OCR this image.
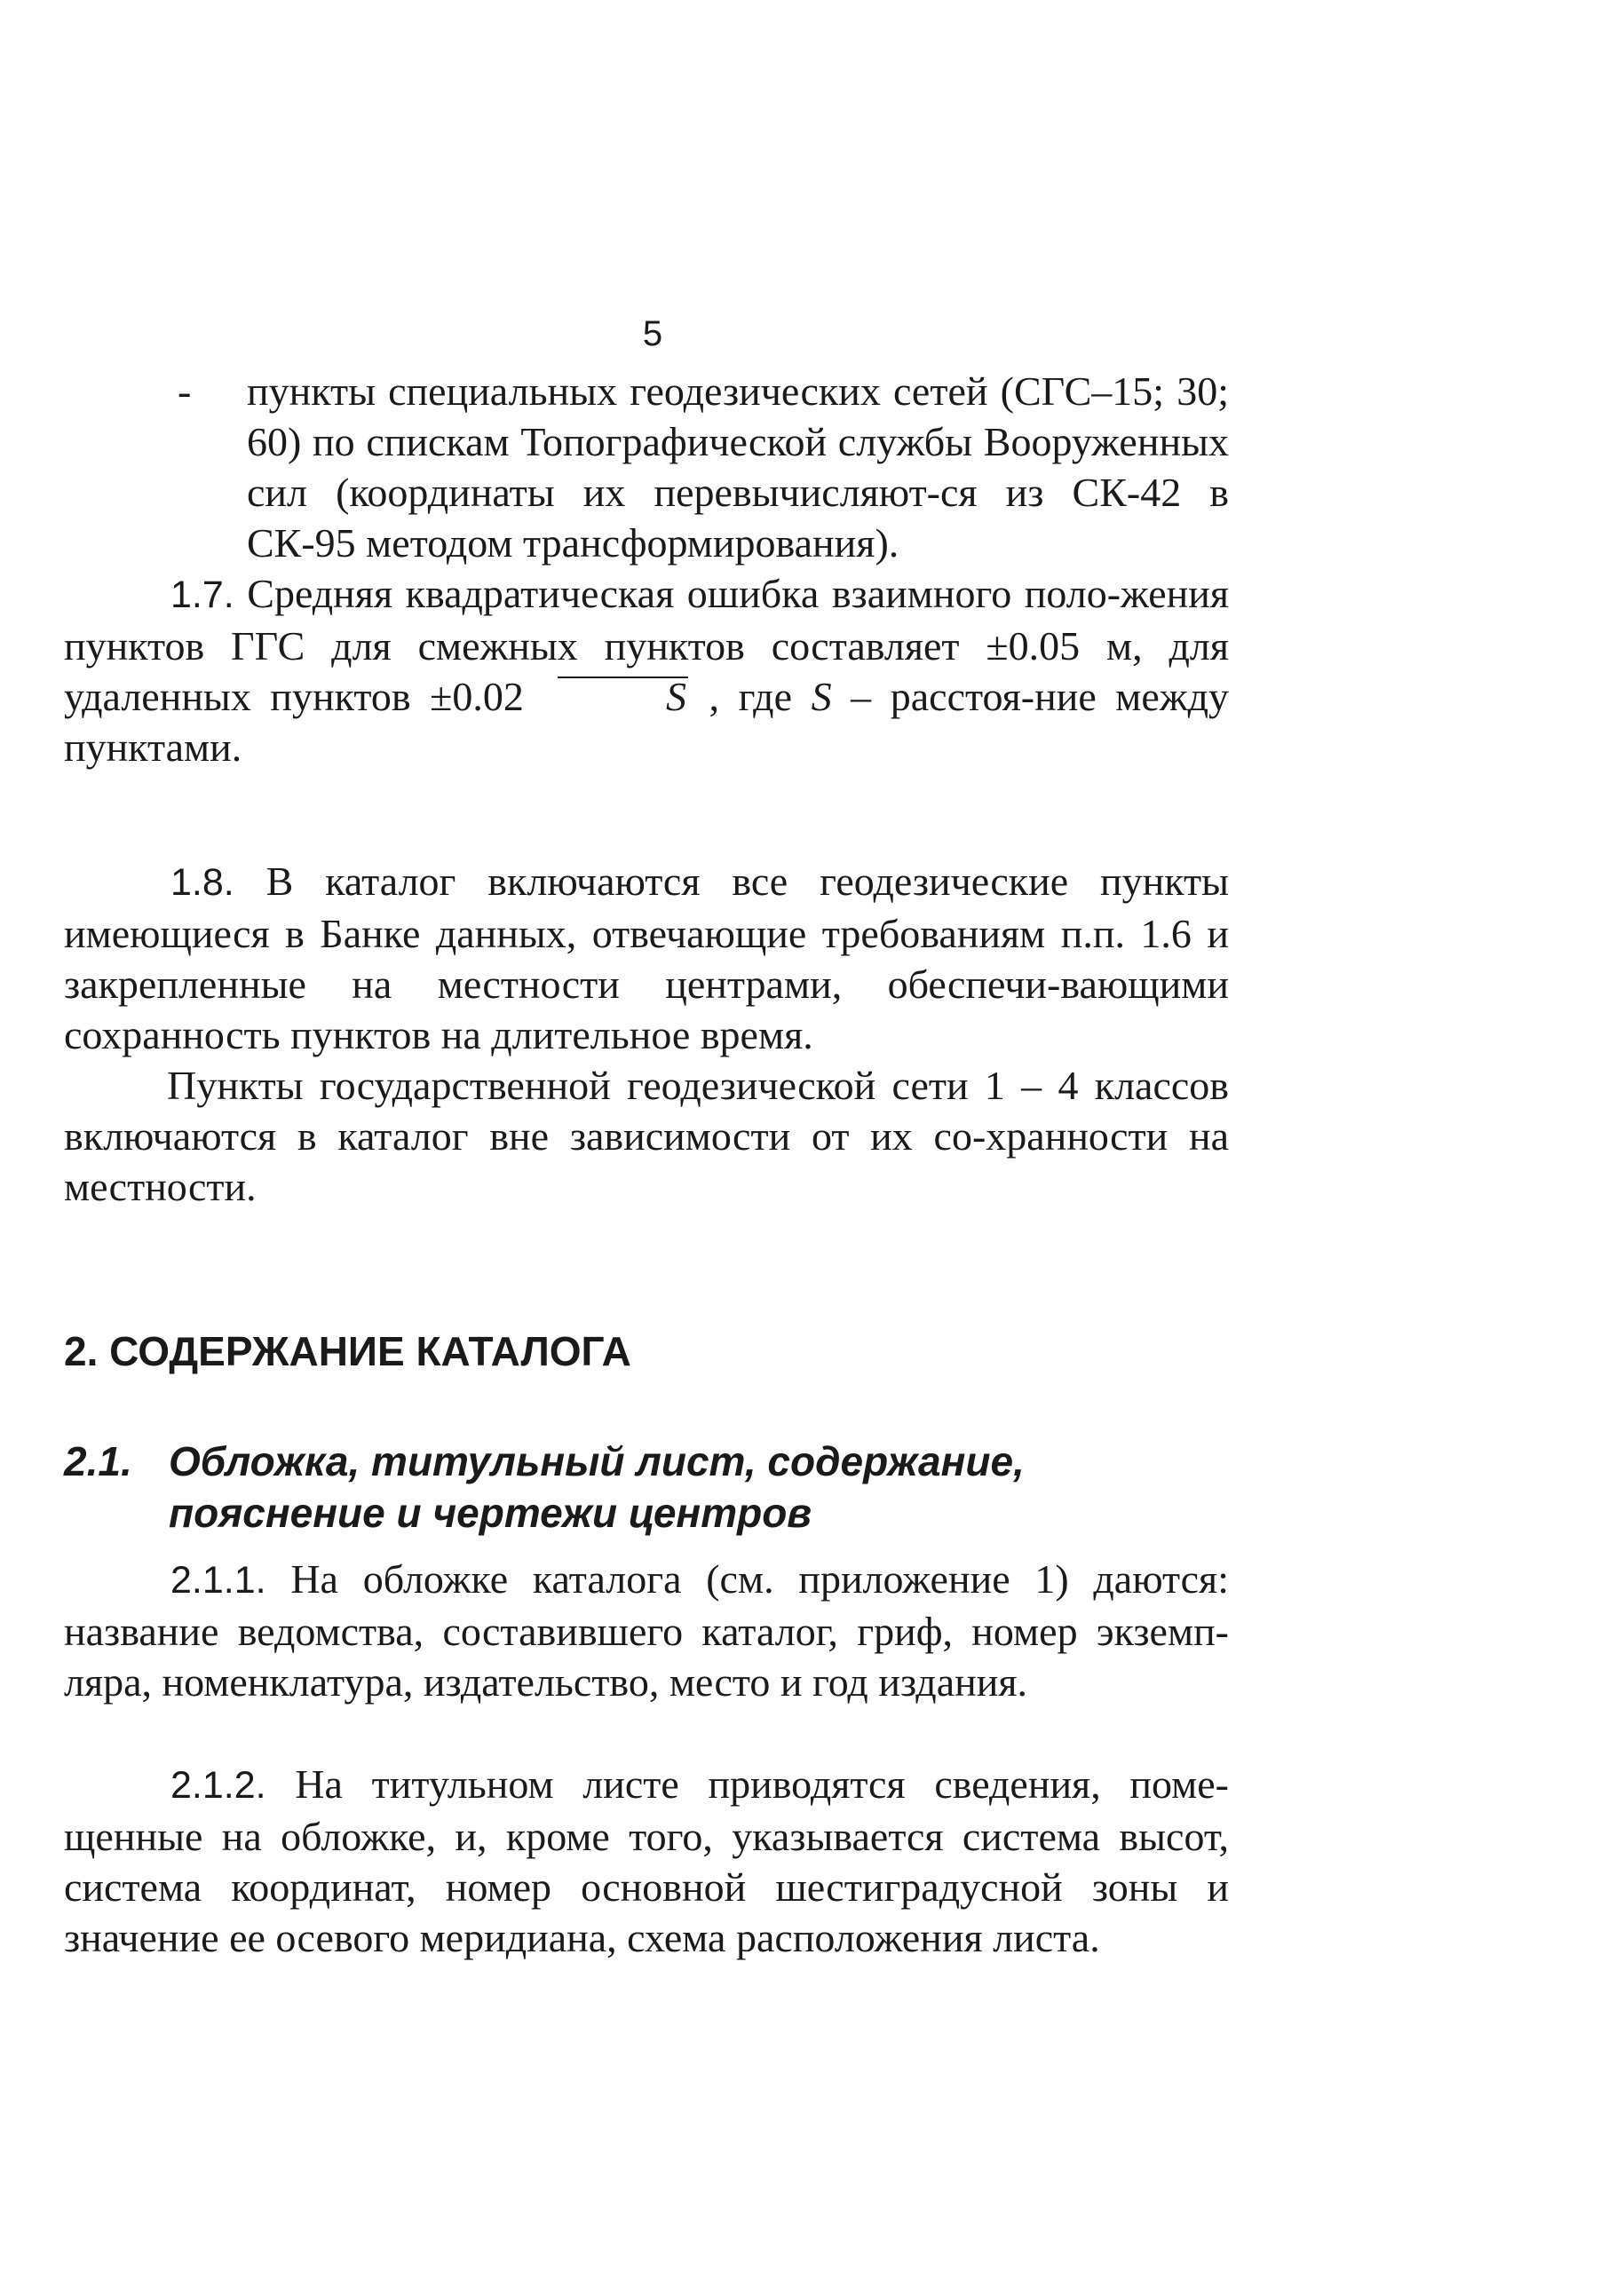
5
- пункты специальных геодезических сетей (СГС–15; 30; 60) по спискам Топографической службы Вооруженных сил (координаты их перевычисляют-ся из СК-42 в СК-95 методом трансформирования).

1.7. Средняя квадратическая ошибка взаимного поло-жения пунктов ГГС для смежных пунктов составляет ±0.05 м, для удаленных пунктов ±0.02	S , где S – расстоя-ние между пунктами.

1.8. В каталог включаются все геодезические пункты имеющиеся в Банке данных, отвечающие требованиям п.п. 1.6 и закрепленные на местности центрами, обеспечи-вающими сохранность пунктов на длительное время.

Пункты государственной геодезической сети 1 – 4 классов включаются в каталог вне зависимости от их со-хранности на местности.

2. СОДЕРЖАНИЕ КАТАЛОГА
2.1. Обложка, титульный лист, содержание, пояснение и чертежи центров

2.1.1. На обложке каталога (см. приложение 1) даются: название ведомства, составившего каталог, гриф, номер экземп-ляра, номенклатура, издательство, место и год издания.

2.1.2. На титульном листе приводятся сведения, поме-щенные на обложке, и, кроме того, указывается система высот, система координат, номер основной шестиградусной зоны и значение ее осевого меридиана, схема расположения листа.
